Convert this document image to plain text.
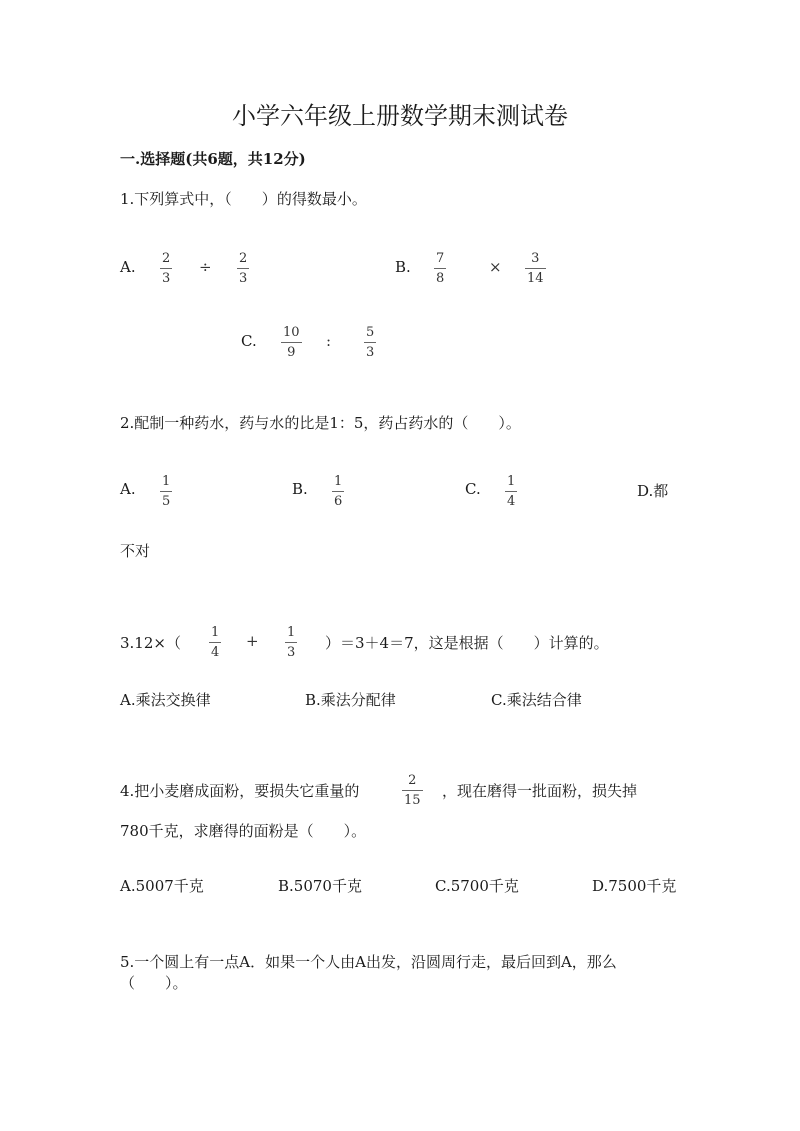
小学六年级上册数学期末测试卷
一.选择题(共6题，共12分)
1.下列算式中，（　　）的得数最小。
A. 2
3
÷ 2
3
B. 7
8
× 3
14
C. 10
9
:	5
3
2.配制一种药水，药与水的比是1：5，药占药水的（　　）。
A. 1
5
B. 1
6
C. 1
4
D.都
不对
3.12×（
1
4
+ 1
3
）＝3＋4＝7，这是根据（　　）计算的。
A.乘法交换律	B.乘法分配律	C.乘法结合律
4.把小麦磨成面粉，要损失它重量的
2
15
，现在磨得一批面粉，损失掉
780千克，求磨得的面粉是（　　）。
A.5007千克	B.5070千克	C.5700千克	D.7500千克
5.一个圆上有一点A．如果一个人由A出发，沿圆周行走，最后回到A，那么
（　　）。
